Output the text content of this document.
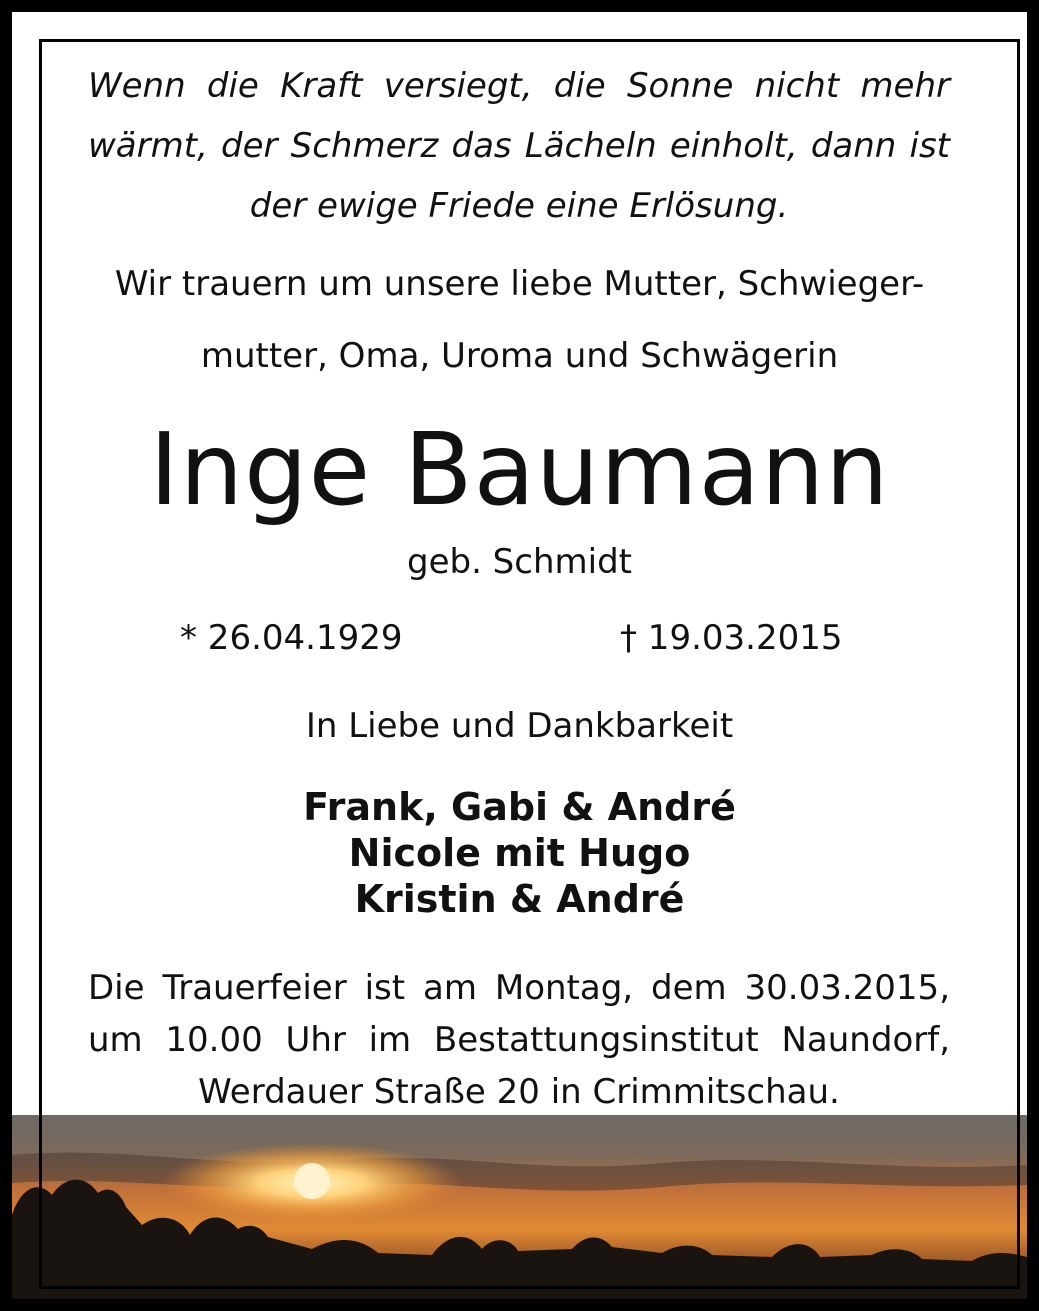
Wenn die Kraft versiegt, die Sonne nicht mehr wärmt, der Schmerz das Lächeln einholt, dann ist der ewige Friede eine Erlösung.
Wir trauern um unsere liebe Mutter, Schwieger-
mutter, Oma, Uroma und Schwägerin
Inge Baumann
geb. Schmidt
* 26.04.1929	† 19.03.2015
In Liebe und Dankbarkeit
Frank, Gabi & André
Nicole mit Hugo
Kristin & André
Die Trauerfeier ist am Montag, dem 30.03.2015, um 10.00 Uhr im Bestattungsinstitut Naundorf, Werdauer Straße 20 in Crimmitschau.
